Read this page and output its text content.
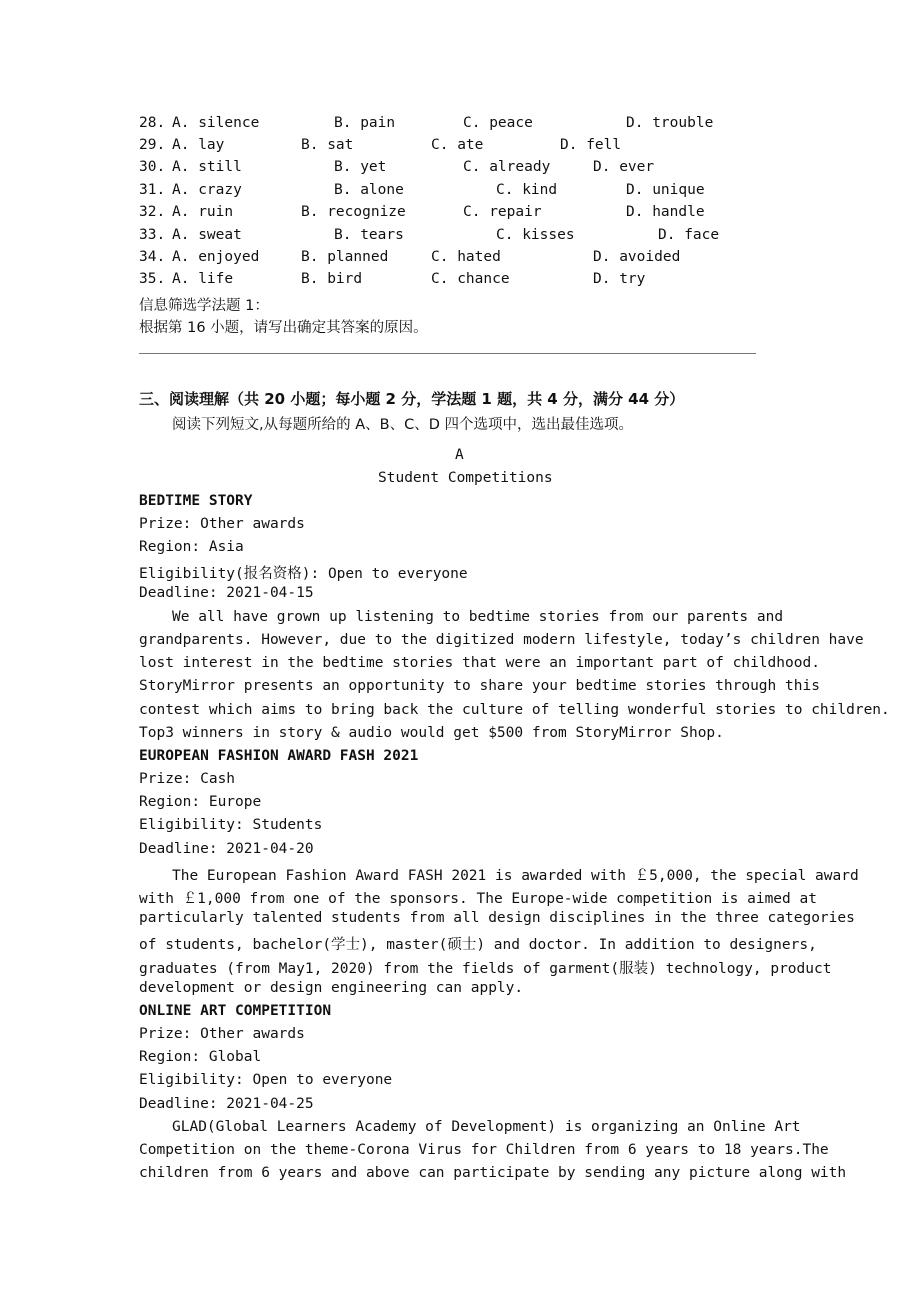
28. A. silence	B. pain	C. peace	D. trouble
29. A. lay	B. sat	C. ate	D. fell
30. A. still	B. yet	C. already	D. ever
31. A. crazy	B. alone	C. kind	D. unique
32. A. ruin	B. recognize	C. repair	D. handle
33. A. sweat	B. tears	C. kisses	D. face
34. A. enjoyed	B. planned	C. hated	D. avoided
35. A. life	B. bird	C. chance	D. try
信息筛选学法题 1：
根据第 16 小题，请写出确定其答案的原因。
三、阅读理解（共 20 小题；每小题 2 分，学法题 1 题，共 4 分，满分 44 分）
阅读下列短文,从每题所给的 A、B、C、D 四个选项中，选出最佳选项。
A
Student Competitions
BEDTIME STORY
Prize: Other awards
Region: Asia
Eligibility(报名资格): Open to everyone
Deadline: 2021-04-15
We all have grown up listening to bedtime stories from our parents and
grandparents. However, due to the digitized modern lifestyle, today’s children have
lost interest in the bedtime stories that were an important part of childhood.
StoryMirror presents an opportunity to share your bedtime stories through this
contest which aims to bring back the culture of telling wonderful stories to children.
Top3 winners in story & audio would get $500 from StoryMirror Shop.
EUROPEAN FASHION AWARD FASH 2021
Prize: Cash
Region: Europe
Eligibility: Students
Deadline: 2021-04-20
The European Fashion Award FASH 2021 is awarded with ￡5,000, the special award
with ￡1,000 from one of the sponsors. The Europe-wide competition is aimed at
particularly talented students from all design disciplines in the three categories
of students, bachelor(学士), master(硕士) and doctor. In addition to designers,
graduates (from May1, 2020) from the fields of garment(服装) technology, product
development or design engineering can apply.
ONLINE ART COMPETITION
Prize: Other awards
Region: Global
Eligibility: Open to everyone
Deadline: 2021-04-25
GLAD(Global Learners Academy of Development) is organizing an Online Art
Competition on the theme-Corona Virus for Children from 6 years to 18 years.The
children from 6 years and above can participate by sending any picture along with
